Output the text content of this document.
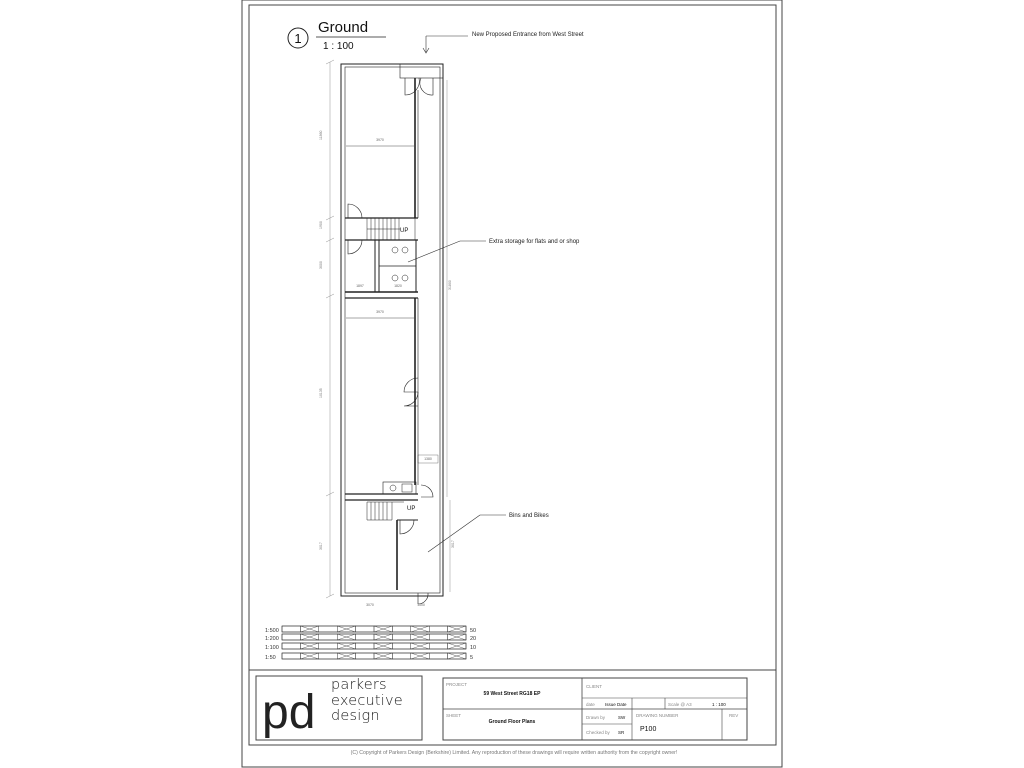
1
Ground
1 : 100
New Proposed Entrance from West Street
Extra storage for flats and or shop
Bins and Bikes
3970
UP
1897	1820
3970
1380
UP
3070	1500
11860
1900
3000
10135
3017
31800
3017
1:500	50
1:200	20
1:100	10
1:50	5
pd
PROJECT
59 West Street RG18 EP
CLIENT
date Issue Date	Scale @ A3	1 : 100
SHEET
Ground Floor Plans
Drawn by	SW
Checked by SR
DRAWING NUMBER
P100
REV
parkers
executive
design
(C) Copyright of Parkers Design (Berkshire) Limited. Any reproduction of these drawings will require written authority from the copyright owner!
